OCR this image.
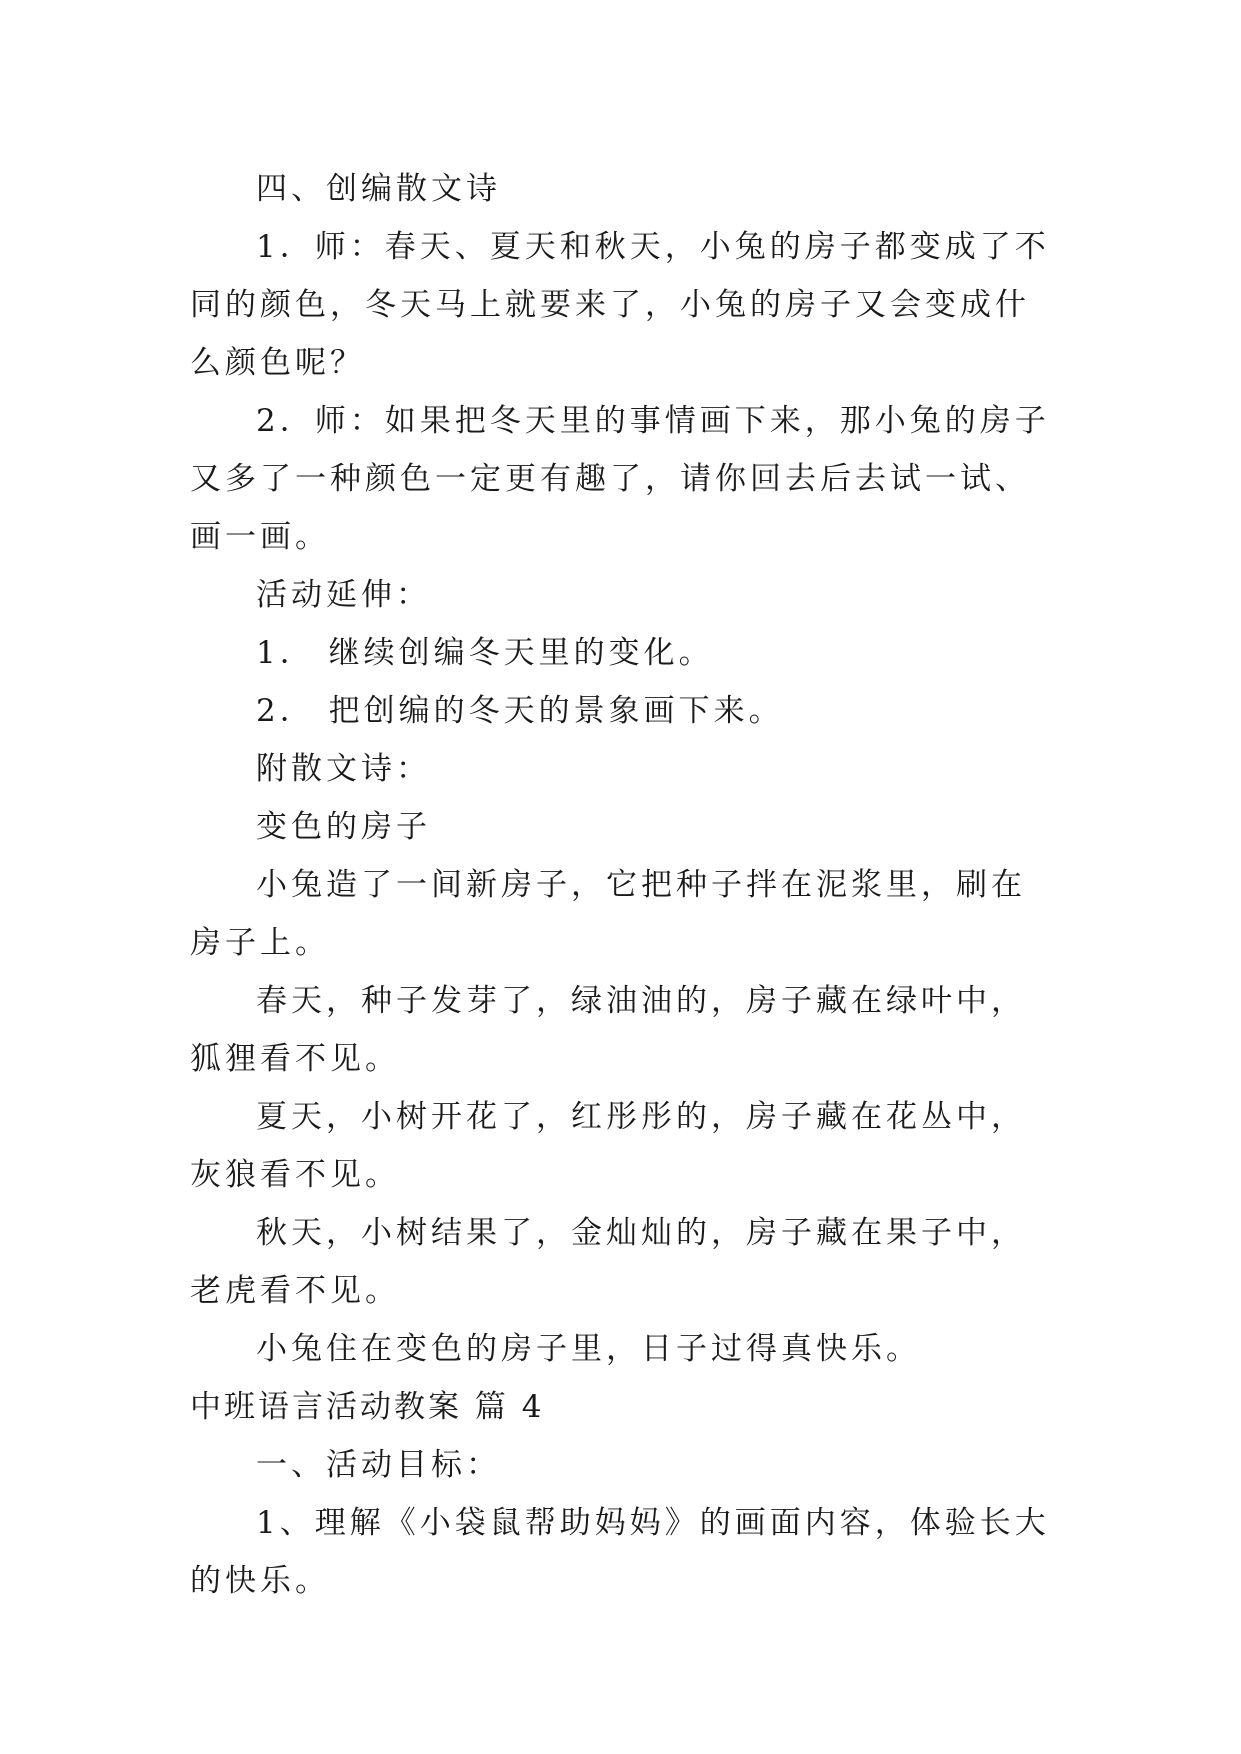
四、创编散文诗

1．师：春天、夏天和秋天，小兔的房子都变成了不同的颜色，冬天马上就要来了，小兔的房子又会变成什么颜色呢？

2．师：如果把冬天里的事情画下来，那小兔的房子又多了一种颜色一定更有趣了，请你回去后去试一试、画一画。

活动延伸：

1． 继续创编冬天里的变化。

2． 把创编的冬天的景象画下来。

附散文诗：

变色的房子

小兔造了一间新房子，它把种子拌在泥浆里，刷在房子上。

春天，种子发芽了，绿油油的，房子藏在绿叶中，狐狸看不见。

夏天，小树开花了，红彤彤的，房子藏在花丛中，灰狼看不见。

秋天，小树结果了，金灿灿的，房子藏在果子中，老虎看不见。

小兔住在变色的房子里，日子过得真快乐。

中班语言活动教案 篇 4

一、活动目标：

1、理解《小袋鼠帮助妈妈》的画面内容，体验长大的快乐。
